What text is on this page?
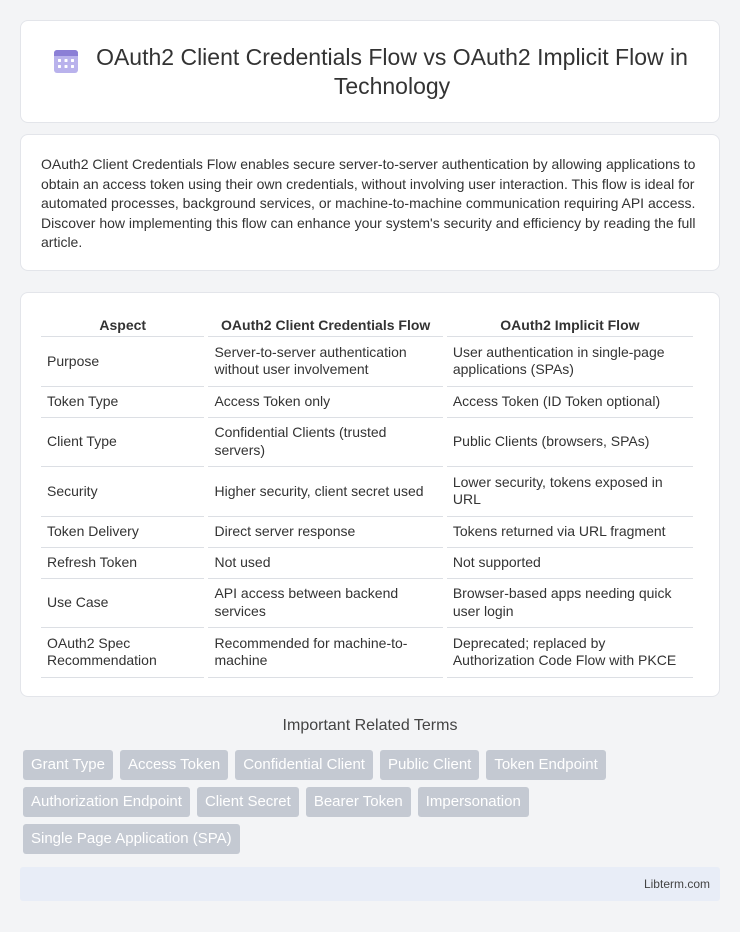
OAuth2 Client Credentials Flow vs OAuth2 Implicit Flow in Technology

OAuth2 Client Credentials Flow enables secure server-to-server authentication by allowing applications to obtain an access token using their own credentials, without involving user interaction. This flow is ideal for automated processes, background services, or machine-to-machine communication requiring API access. Discover how implementing this flow can enhance your system's security and efficiency by reading the full article.

Aspect	OAuth2 Client Credentials Flow	OAuth2 Implicit Flow
Purpose	Server-to-server authentication without user involvement	User authentication in single-page applications (SPAs)
Token Type	Access Token only	Access Token (ID Token optional)
Client Type	Confidential Clients (trusted servers)	Public Clients (browsers, SPAs)
Security	Higher security, client secret used	Lower security, tokens exposed in URL
Token Delivery	Direct server response	Tokens returned via URL fragment
Refresh Token	Not used	Not supported
Use Case	API access between backend services	Browser-based apps needing quick user login
OAuth2 Spec Recommendation	Recommended for machine-to-machine	Deprecated; replaced by Authorization Code Flow with PKCE
Important Related Terms
Grant Type	Access Token	Confidential Client	Public Client	Token Endpoint
Authorization Endpoint	Client Secret	Bearer Token	Impersonation
Single Page Application (SPA)
Libterm.com
